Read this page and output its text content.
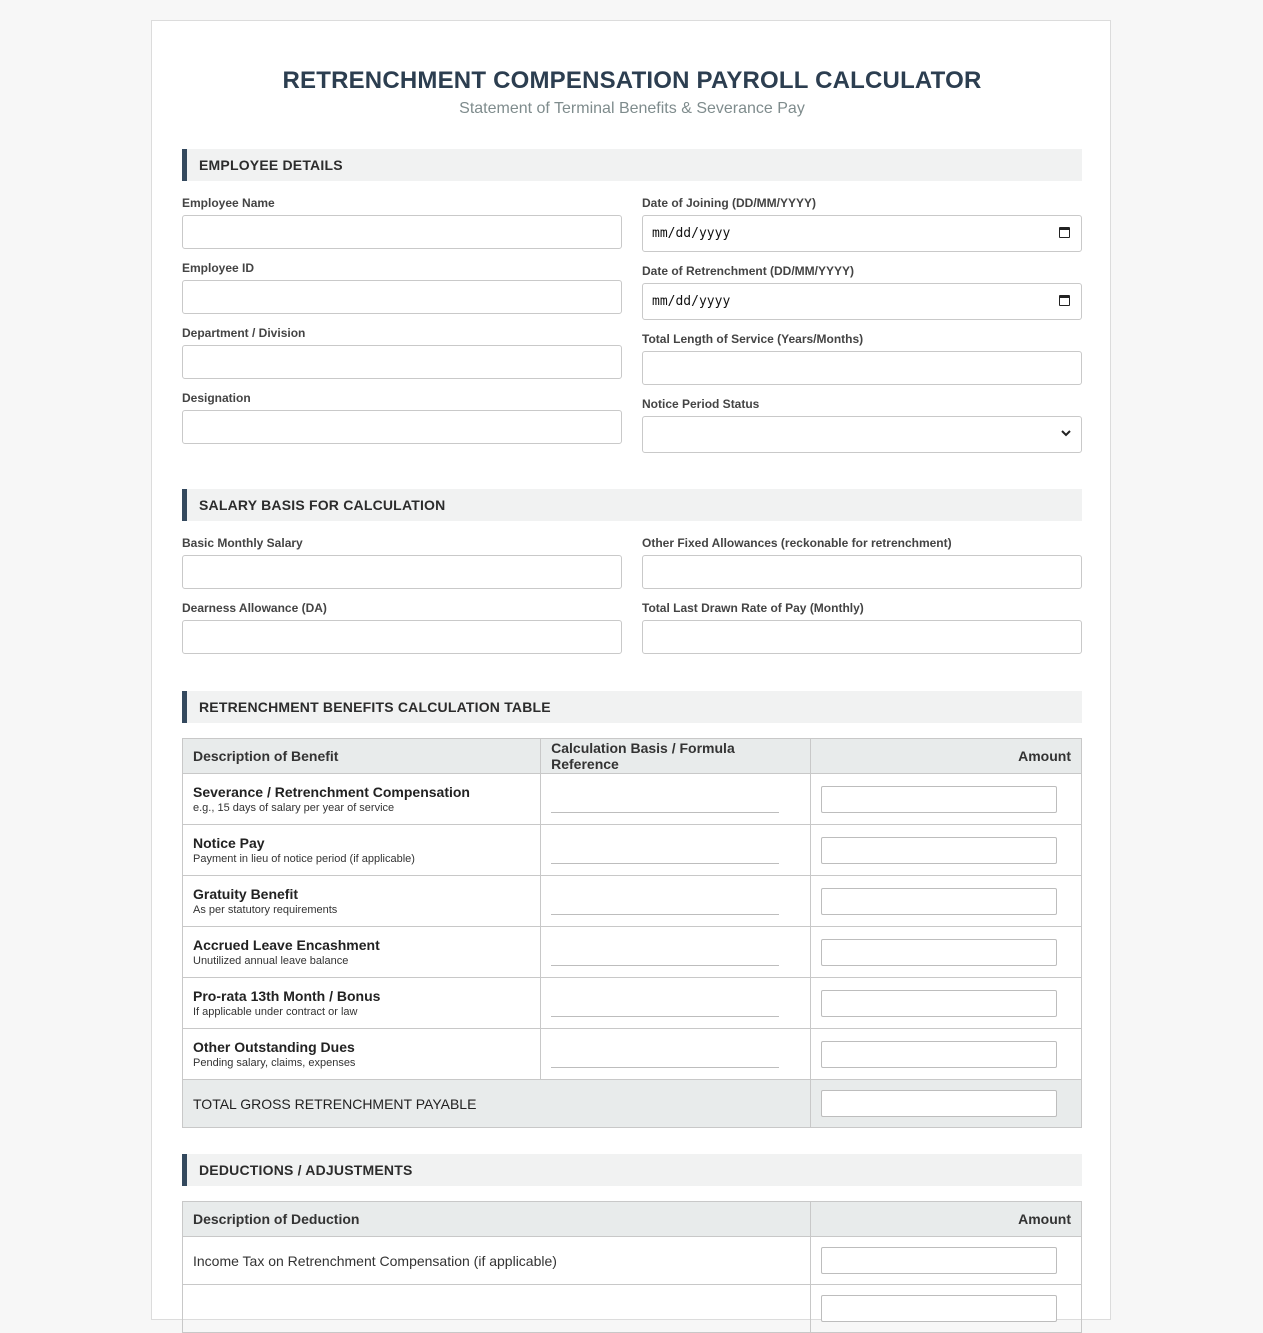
RETRENCHMENT COMPENSATION PAYROLL CALCULATOR
Statement of Terminal Benefits & Severance Pay
EMPLOYEE DETAILS
Employee Name
Employee ID
Department / Division
Designation
Date of Joining (DD/MM/YYYY)
mm/dd/yyyy
Date of Retrenchment (DD/MM/YYYY)
mm/dd/yyyy
Total Length of Service (Years/Months)
Notice Period Status
SALARY BASIS FOR CALCULATION
Basic Monthly Salary	Other Fixed Allowances (reckonable for retrenchment)
Dearness Allowance (DA)	Total Last Drawn Rate of Pay (Monthly)
RETRENCHMENT BENEFITS CALCULATION TABLE
Description of Benefit	Calculation Basis / Formula Reference	Amount

Severance / Retrenchment Compensation
e.g., 15 days of salary per year of service		

Notice Pay
Payment in lieu of notice period (if applicable)		

Gratuity Benefit
As per statutory requirements		

Accrued Leave Encashment
Unutilized annual leave balance		

Pro-rata 13th Month / Bonus
If applicable under contract or law		

Other Outstanding Dues
Pending salary, claims, expenses		

TOTAL GROSS RETRENCHMENT PAYABLE		
DEDUCTIONS / ADJUSTMENTS
Description of Deduction	Amount
Income Tax on Retrenchment Compensation (if applicable)	
